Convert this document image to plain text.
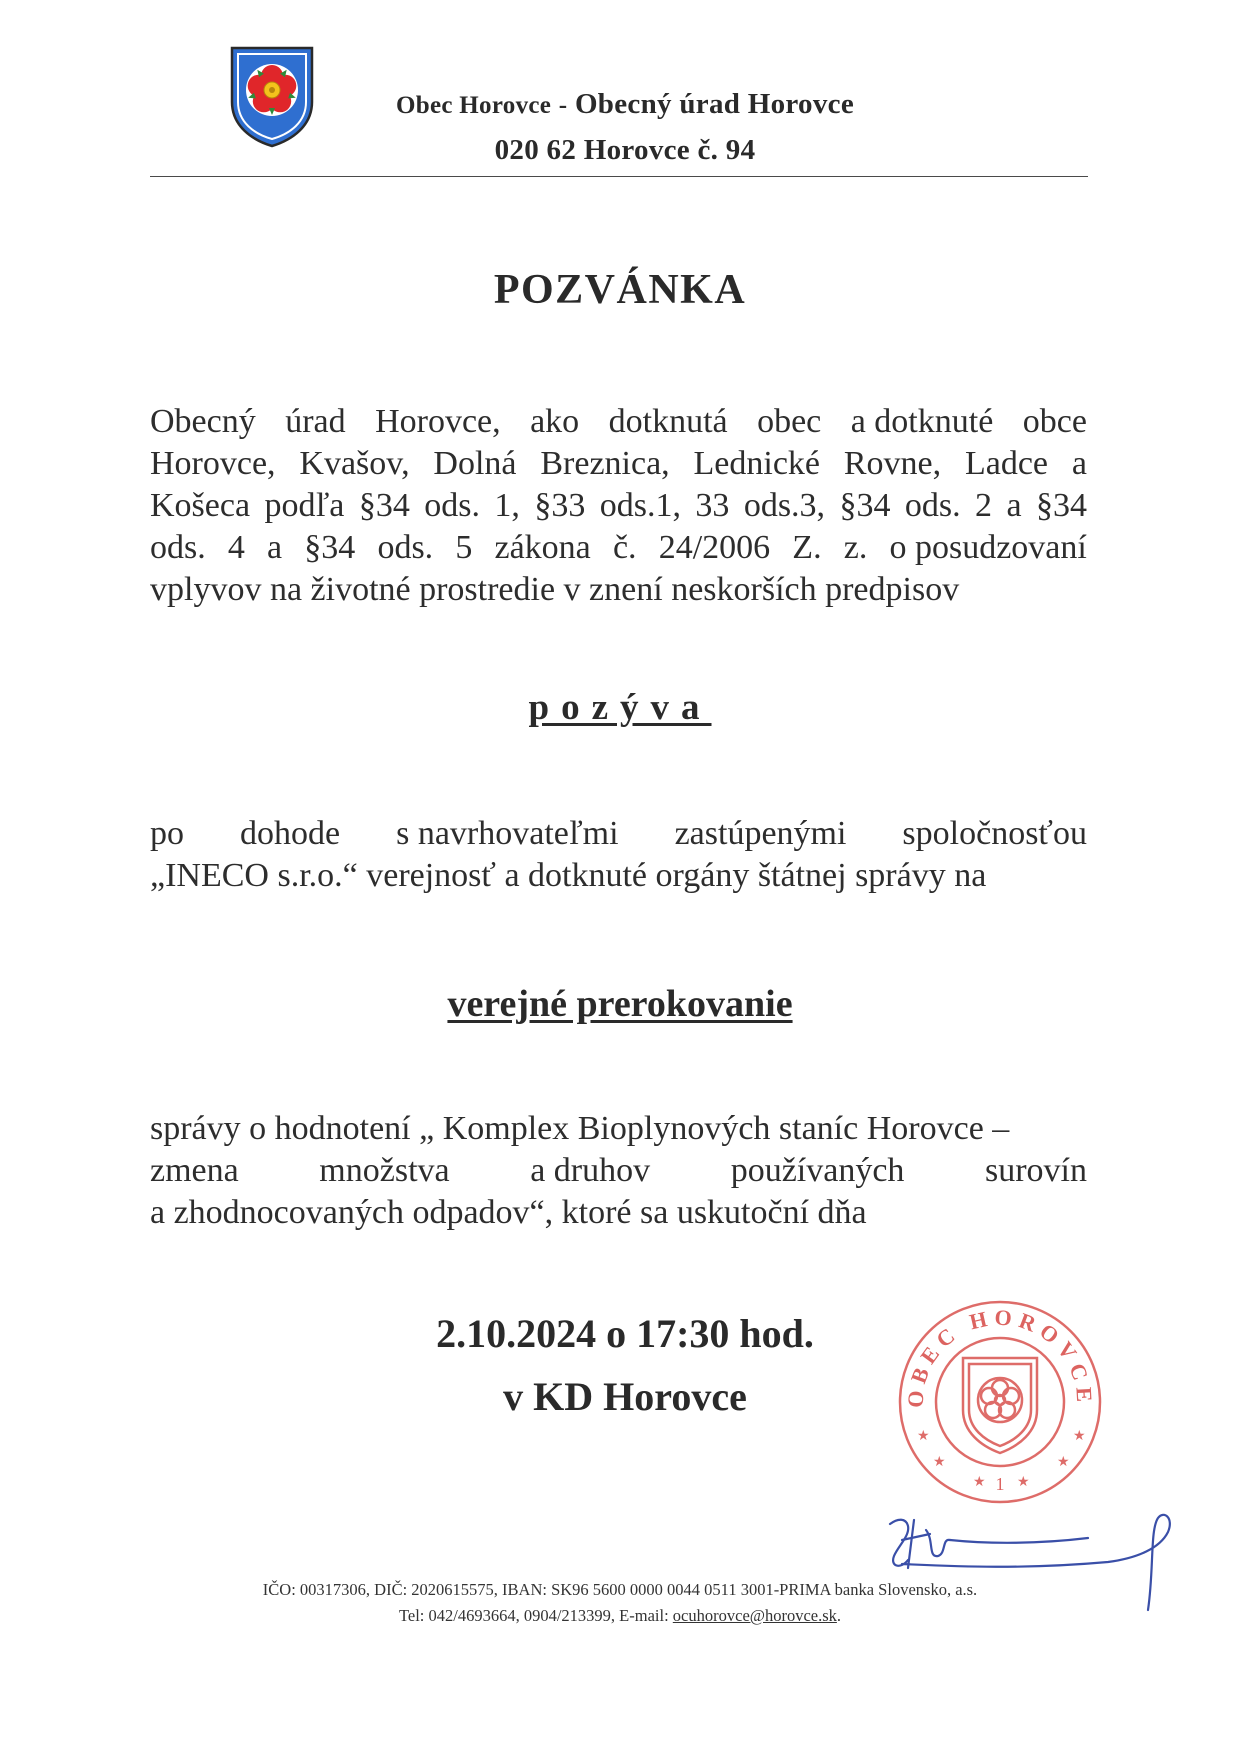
Obec Horovce - Obecný úrad Horovce
020 62 Horovce č. 94
POZVÁNKA
Obecný úrad Horovce, ako dotknutá obec a dotknuté obce
Horovce, Kvašov, Dolná Breznica, Lednické Rovne, Ladce a
Košeca podľa §34 ods. 1, §33 ods.1, 33 ods.3, §34 ods. 2 a §34
ods. 4 a §34 ods. 5 zákona č. 24/2006 Z. z. o posudzovaní
vplyvov na životné prostredie v znení neskorších predpisov
pozýva
po dohode s navrhovateľmi zastúpenými spoločnosťou
„INECO s.r.o.“ verejnosť a dotknuté orgány štátnej správy na
verejné prerokovanie
správy o hodnotení „ Komplex Bioplynových staníc Horovce –
zmena množstva a druhov používaných surovín
a zhodnocovaných odpadov“, ktoré sa uskutoční dňa
2.10.2024 o 17:30 hod.
v KD Horovce	OBEC HOROVCE
★
★
★
★
★ ★
1
IČO: 00317306, DIČ: 2020615575, IBAN: SK96 5600 0000 0044 0511 3001-PRIMA banka Slovensko, a.s.
Tel: 042/4693664, 0904/213399, E-mail: ocuhorovce@horovce.sk.
